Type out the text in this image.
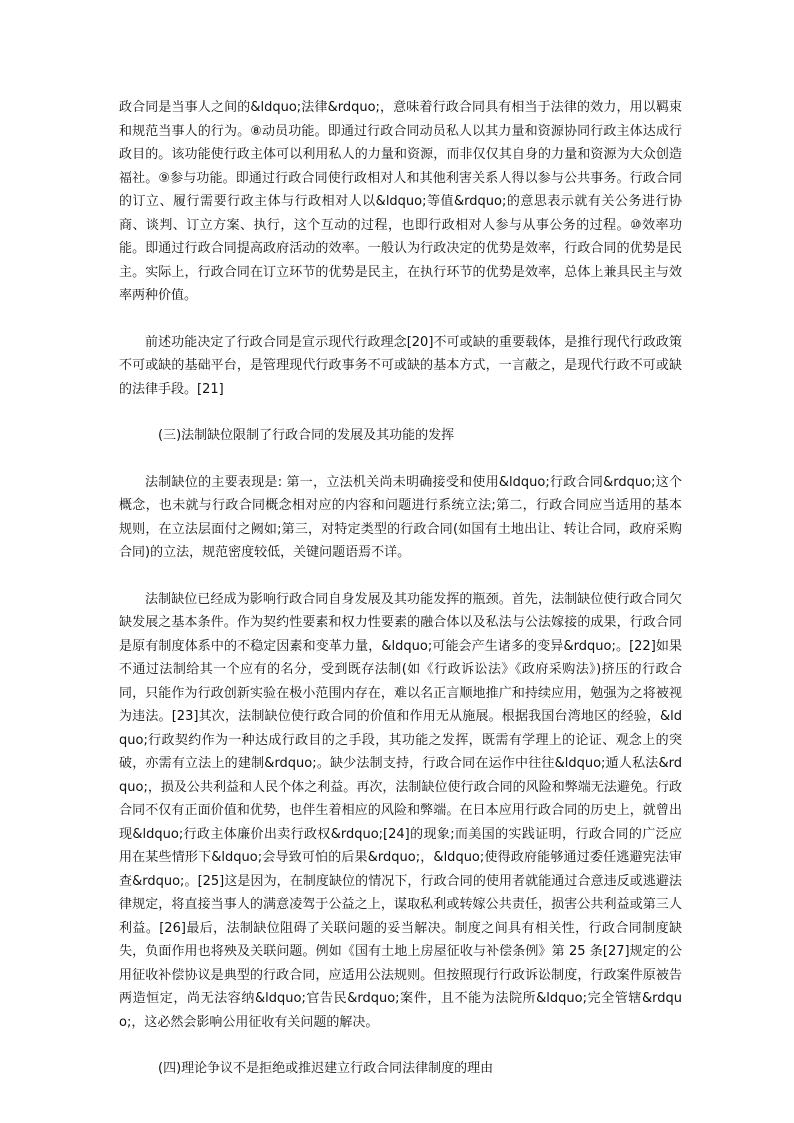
政合同是当事人之间的&ldquo;法律&rdquo;，意味着行政合同具有相当于法律的效力，用以羁束和规范当事人的行为。⑧动员功能。即通过行政合同动员私人以其力量和资源协同行政主体达成行政目的。该功能使行政主体可以利用私人的力量和资源，而非仅仅其自身的力量和资源为大众创造福社。⑨参与功能。即通过行政合同使行政相对人和其他利害关系人得以参与公共事务。行政合同的订立、履行需要行政主体与行政相对人以&ldquo;等值&rdquo;的意思表示就有关公务进行协商、谈判、订立方案、执行，这个互动的过程，也即行政相对人参与从事公务的过程。⑩效率功能。即通过行政合同提高政府活动的效率。一般认为行政决定的优势是效率，行政合同的优势是民主。实际上，行政合同在订立环节的优势是民主，在执行环节的优势是效率，总体上兼具民主与效率两种价值。

前述功能决定了行政合同是宣示现代行政理念[20]不可或缺的重要载体，是推行现代行政政策不可或缺的基础平台，是管理现代行政事务不可或缺的基本方式，一言蔽之，是现代行政不可或缺的法律手段。[21]

(三)法制缺位限制了行政合同的发展及其功能的发挥

法制缺位的主要表现是: 第一，立法机关尚未明确接受和使用&ldquo;行政合同&rdquo;这个概念，也未就与行政合同概念相对应的内容和问题进行系统立法;第二，行政合同应当适用的基本规则，在立法层面付之阙如;第三，对特定类型的行政合同(如国有土地出让、转让合同，政府采购合同)的立法，规范密度较低，关键问题语焉不详。

法制缺位已经成为影响行政合同自身发展及其功能发挥的瓶颈。首先，法制缺位使行政合同欠缺发展之基本条件。作为契约性要素和权力性要素的融合体以及私法与公法嫁接的成果，行政合同是原有制度体系中的不稳定因素和变革力量，&ldquo;可能会产生诸多的变异&rdquo;。[22]如果不通过法制给其一个应有的名分，受到既存法制(如《行政诉讼法》《政府采购法》)挤压的行政合同，只能作为行政创新实验在极小范围内存在，难以名正言顺地推广和持续应用，勉强为之将被视为违法。[23]其次，法制缺位使行政合同的价值和作用无从施展。根据我国台湾地区的经验，&ldquo;行政契约作为一种达成行政目的之手段，其功能之发挥，既需有学理上的论证、观念上的突破，亦需有立法上的建制&rdquo;。缺少法制支持，行政合同在运作中往往&ldquo;遁人私法&rdquo;，损及公共利益和人民个体之利益。再次，法制缺位使行政合同的风险和弊端无法避免。行政合同不仅有正面价值和优势，也伴生着相应的风险和弊端。在日本应用行政合同的历史上，就曾出现&ldquo;行政主体廉价出卖行政权&rdquo;[24]的现象;而美国的实践证明，行政合同的广泛应用在某些情形下&ldquo;会导致可怕的后果&rdquo;，&ldquo;使得政府能够通过委任逃避宪法审查&rdquo;。[25]这是因为，在制度缺位的情况下，行政合同的使用者就能通过合意违反或逃避法律规定，将直接当事人的满意凌驾于公益之上，谋取私利或转嫁公共责任，损害公共利益或第三人利益。[26]最后，法制缺位阻碍了关联问题的妥当解决。制度之间具有相关性，行政合同制度缺失，负面作用也将殃及关联问题。例如《国有土地上房屋征收与补偿条例》第 25 条[27]规定的公用征收补偿协议是典型的行政合同，应适用公法规则。但按照现行行政诉讼制度，行政案件原被告两造恒定，尚无法容纳&ldquo;官告民&rdquo;案件，且不能为法院所&ldquo;完全管辖&rdquo;，这必然会影响公用征收有关问题的解决。

(四)理论争议不是拒绝或推迟建立行政合同法律制度的理由
